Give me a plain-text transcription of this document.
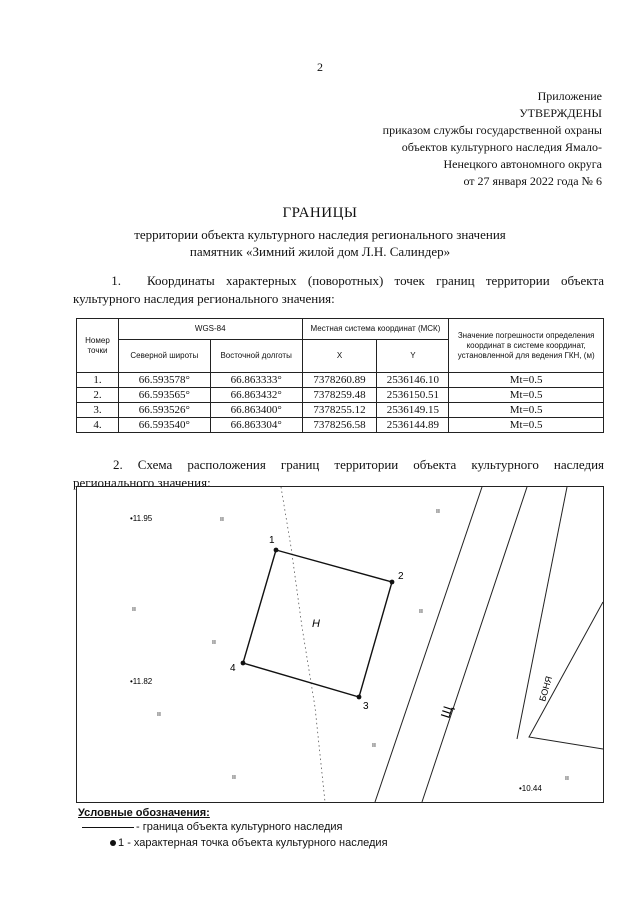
2
Приложение
УТВЕРЖДЕНЫ
приказом службы государственной охраны
объектов культурного наследия Ямало-
Ненецкого автономного округа
от 27 января 2022 года № 6
ГРАНИЦЫ
территории объекта культурного наследия регионального значения
памятник «Зимний жилой дом Л.Н. Салиндер»
1. Координаты характерных (поворотных) точек границ территории объекта культурного наследия регионального значения:
Номер точки	WGS-84		Местная система координат (МСК)		Значение погрешности определения координат в системе координат, установленной для ведения ГКН, (м)
	Северной широты	Восточной долготы	X	Y	
1.	66.593578°	66.863333°	7378260.89	2536146.10	Mt=0.5
2.	66.593565°	66.863432°	7378259.48	2536150.51	Mt=0.5
3.	66.593526°	66.863400°	7378255.12	2536149.15	Mt=0.5
4.	66.593540°	66.863304°	7378256.58	2536144.89	Mt=0.5
2. Схема расположения границ территории объекта культурного наследия регионального значения:
1
2
3
4
Н
Щ
БОНЯ
•11.95
•11.82
•10.44
ıı
ıı
ıı
ıı
ıı
ıı
ıı
ıı	ıı
Условные обозначения:
- граница объекта культурного наследия
1 - характерная точка объекта культурного наследия
